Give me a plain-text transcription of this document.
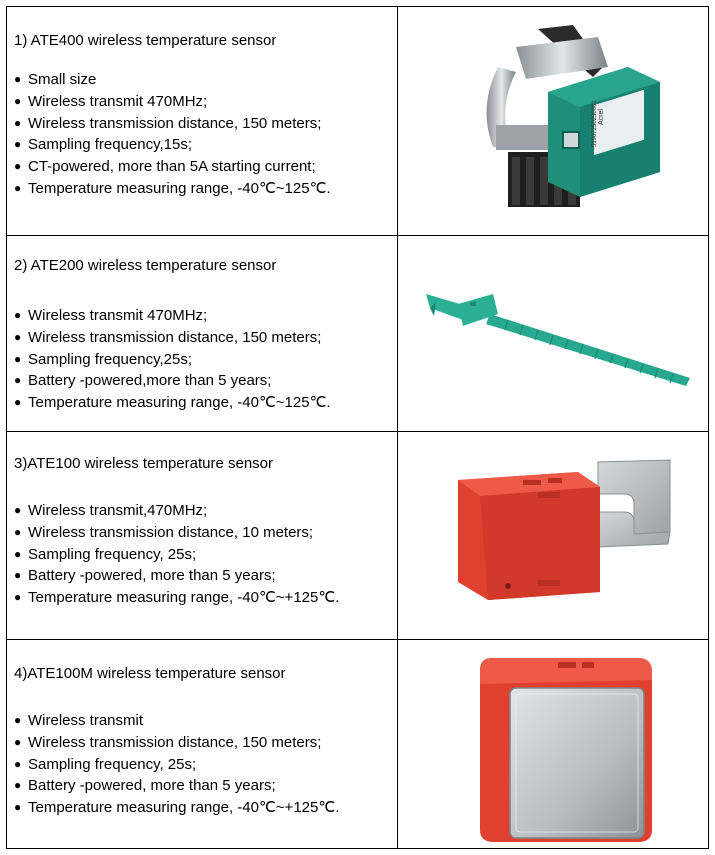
1) ATE400 wireless temperature sensor
● Small size
● Wireless transmit 470MHz;
● Wireless transmission distance, 150 meters;
● Sampling frequency,15s;
● CT-powered, more than 5A starting current;
● Temperature measuring range, -40℃~125℃.
Acrel
51907250230001
2) ATE200 wireless temperature sensor
● Wireless transmit 470MHz;
● Wireless transmission distance, 150 meters;
● Sampling frequency,25s;
● Battery -powered,more than 5 years;
● Temperature measuring range, -40℃~125℃.
3)ATE100 wireless temperature sensor
● Wireless transmit,470MHz;
● Wireless transmission distance, 10 meters;
● Sampling frequency, 25s;
● Battery -powered, more than 5 years;
● Temperature measuring range, -40℃~+125℃.
4)ATE100M wireless temperature sensor
● Wireless transmit
● Wireless transmission distance, 150 meters;
● Sampling frequency, 25s;
● Battery -powered, more than 5 years;
● Temperature measuring range, -40℃~+125℃.
